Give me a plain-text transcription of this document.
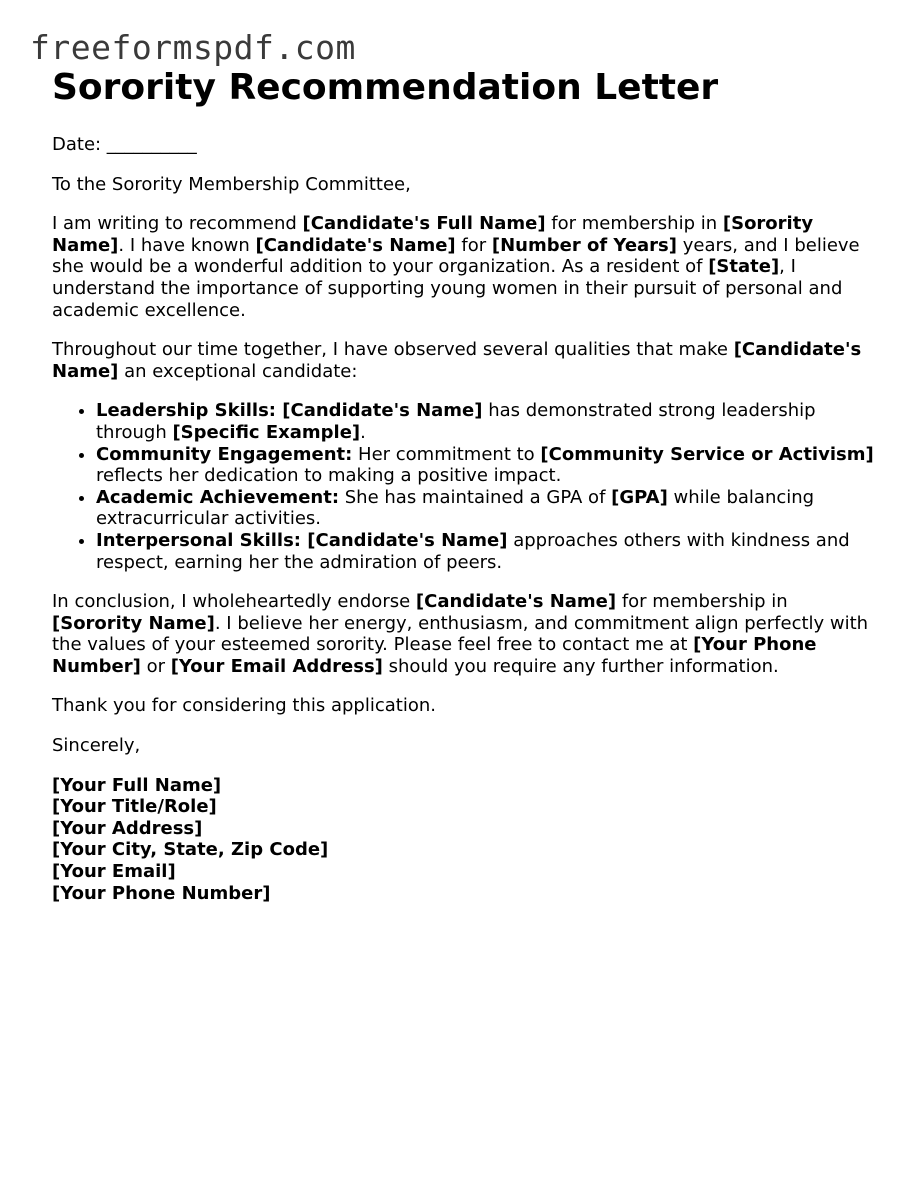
freeformspdf.com
Sorority Recommendation Letter

Date: __________

To the Sorority Membership Committee,

I am writing to recommend [Candidate's Full Name] for membership in [Sorority Name]. I have known [Candidate's Name] for [Number of Years] years, and I believe she would be a wonderful addition to your organization. As a resident of [State], I understand the importance of supporting young women in their pursuit of personal and academic excellence.

Throughout our time together, I have observed several qualities that make [Candidate's Name] an exceptional candidate:

• Leadership Skills: [Candidate's Name] has demonstrated strong leadership through [Specific Example].
• Community Engagement: Her commitment to [Community Service or Activism] reflects her dedication to making a positive impact.
• Academic Achievement: She has maintained a GPA of [GPA] while balancing extracurricular activities.
• Interpersonal Skills: [Candidate's Name] approaches others with kindness and respect, earning her the admiration of peers.

In conclusion, I wholeheartedly endorse [Candidate's Name] for membership in [Sorority Name]. I believe her energy, enthusiasm, and commitment align perfectly with the values of your esteemed sorority. Please feel free to contact me at [Your Phone Number] or [Your Email Address] should you require any further information.

Thank you for considering this application.

Sincerely,

[Your Full Name]
[Your Title/Role]
[Your Address]
[Your City, State, Zip Code]
[Your Email]
[Your Phone Number]
